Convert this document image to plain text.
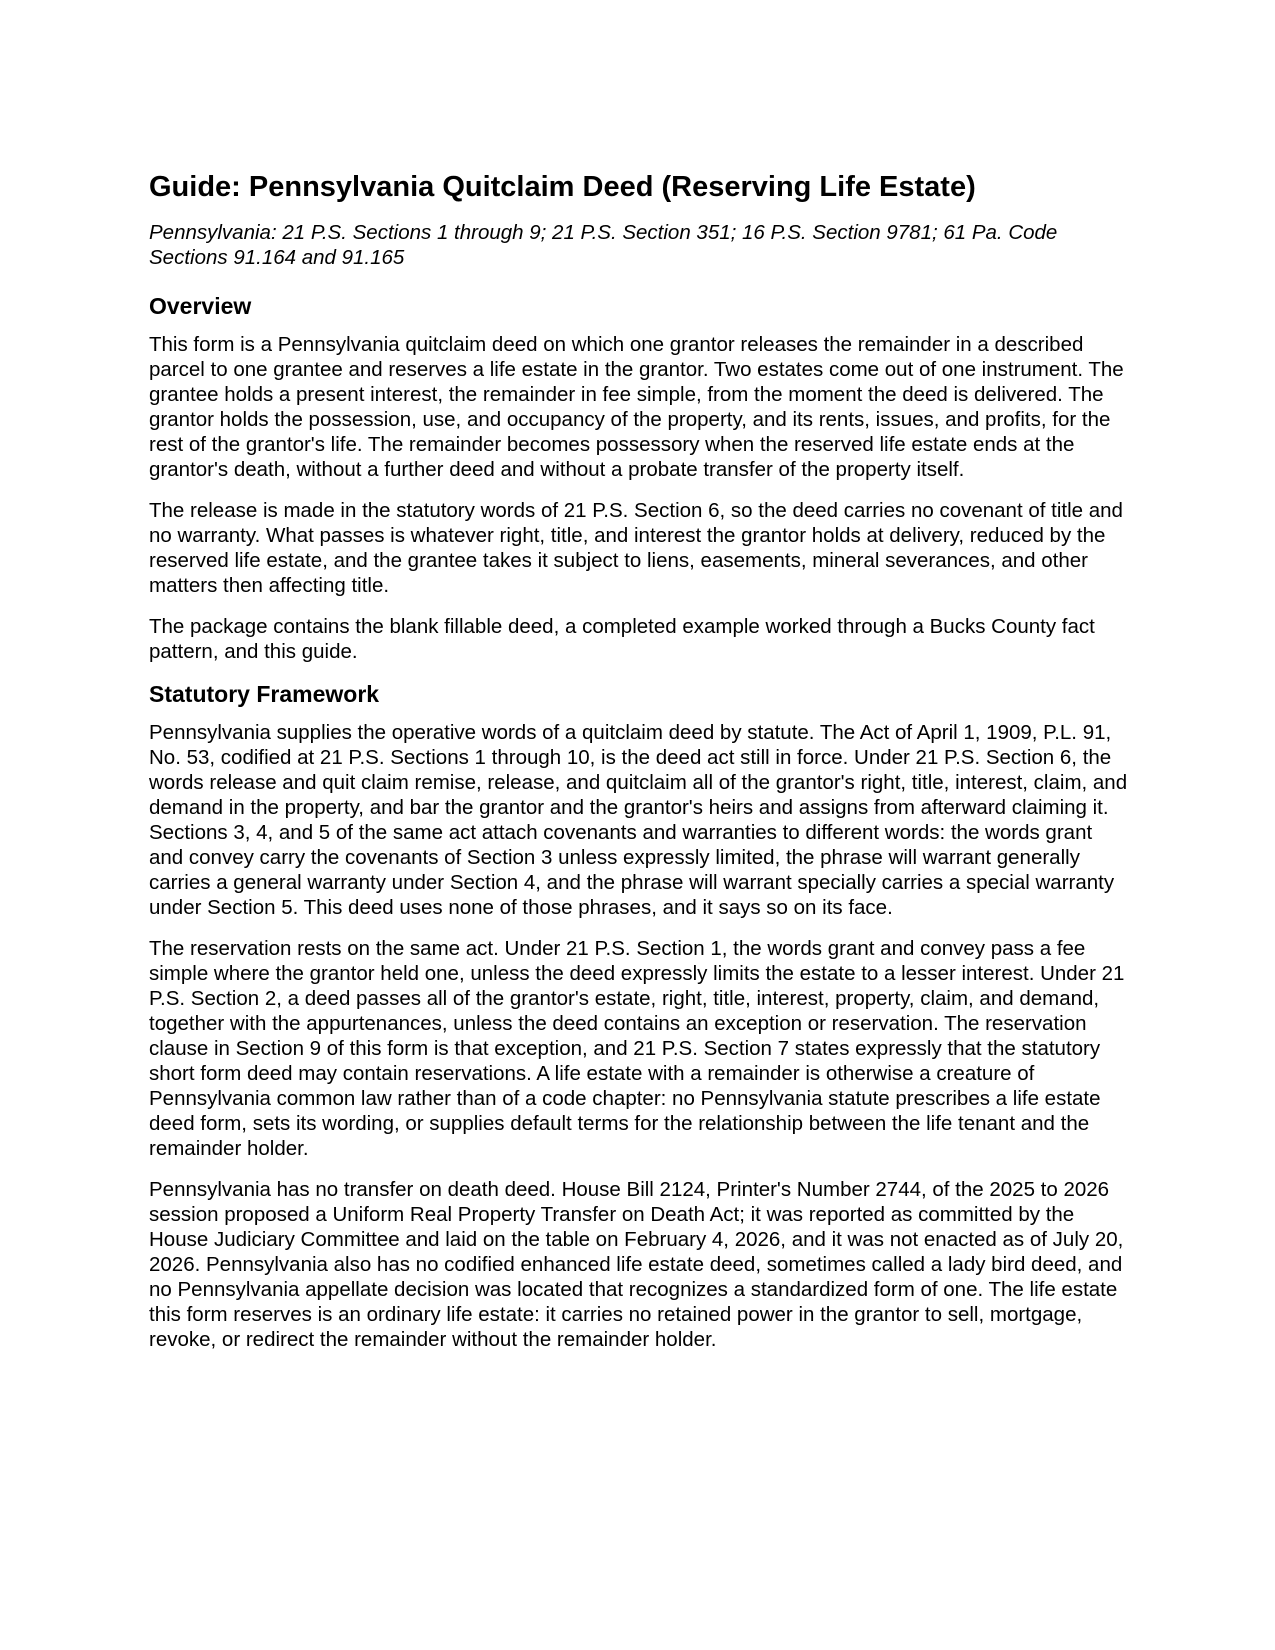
Guide: Pennsylvania Quitclaim Deed (Reserving Life Estate)
Pennsylvania: 21 P.S. Sections 1 through 9; 21 P.S. Section 351; 16 P.S. Section 9781; 61 Pa. Code Sections 91.164 and 91.165
Overview

This form is a Pennsylvania quitclaim deed on which one grantor releases the remainder in a described parcel to one grantee and reserves a life estate in the grantor. Two estates come out of one instrument. The grantee holds a present interest, the remainder in fee simple, from the moment the deed is delivered. The grantor holds the possession, use, and occupancy of the property, and its rents, issues, and profits, for the rest of the grantor's life. The remainder becomes possessory when the reserved life estate ends at the grantor's death, without a further deed and without a probate transfer of the property itself.

The release is made in the statutory words of 21 P.S. Section 6, so the deed carries no covenant of title and no warranty. What passes is whatever right, title, and interest the grantor holds at delivery, reduced by the reserved life estate, and the grantee takes it subject to liens, easements, mineral severances, and other matters then affecting title.

The package contains the blank fillable deed, a completed example worked through a Bucks County fact pattern, and this guide.

Statutory Framework

Pennsylvania supplies the operative words of a quitclaim deed by statute. The Act of April 1, 1909, P.L. 91, No. 53, codified at 21 P.S. Sections 1 through 10, is the deed act still in force. Under 21 P.S. Section 6, the words release and quit claim remise, release, and quitclaim all of the grantor's right, title, interest, claim, and demand in the property, and bar the grantor and the grantor's heirs and assigns from afterward claiming it. Sections 3, 4, and 5 of the same act attach covenants and warranties to different words: the words grant and convey carry the covenants of Section 3 unless expressly limited, the phrase will warrant generally carries a general warranty under Section 4, and the phrase will warrant specially carries a special warranty under Section 5. This deed uses none of those phrases, and it says so on its face.

The reservation rests on the same act. Under 21 P.S. Section 1, the words grant and convey pass a fee simple where the grantor held one, unless the deed expressly limits the estate to a lesser interest. Under 21 P.S. Section 2, a deed passes all of the grantor's estate, right, title, interest, property, claim, and demand, together with the appurtenances, unless the deed contains an exception or reservation. The reservation clause in Section 9 of this form is that exception, and 21 P.S. Section 7 states expressly that the statutory short form deed may contain reservations. A life estate with a remainder is otherwise a creature of Pennsylvania common law rather than of a code chapter: no Pennsylvania statute prescribes a life estate deed form, sets its wording, or supplies default terms for the relationship between the life tenant and the remainder holder.

Pennsylvania has no transfer on death deed. House Bill 2124, Printer's Number 2744, of the 2025 to 2026 session proposed a Uniform Real Property Transfer on Death Act; it was reported as committed by the House Judiciary Committee and laid on the table on February 4, 2026, and it was not enacted as of July 20, 2026. Pennsylvania also has no codified enhanced life estate deed, sometimes called a lady bird deed, and no Pennsylvania appellate decision was located that recognizes a standardized form of one. The life estate this form reserves is an ordinary life estate: it carries no retained power in the grantor to sell, mortgage, revoke, or redirect the remainder without the remainder holder.
